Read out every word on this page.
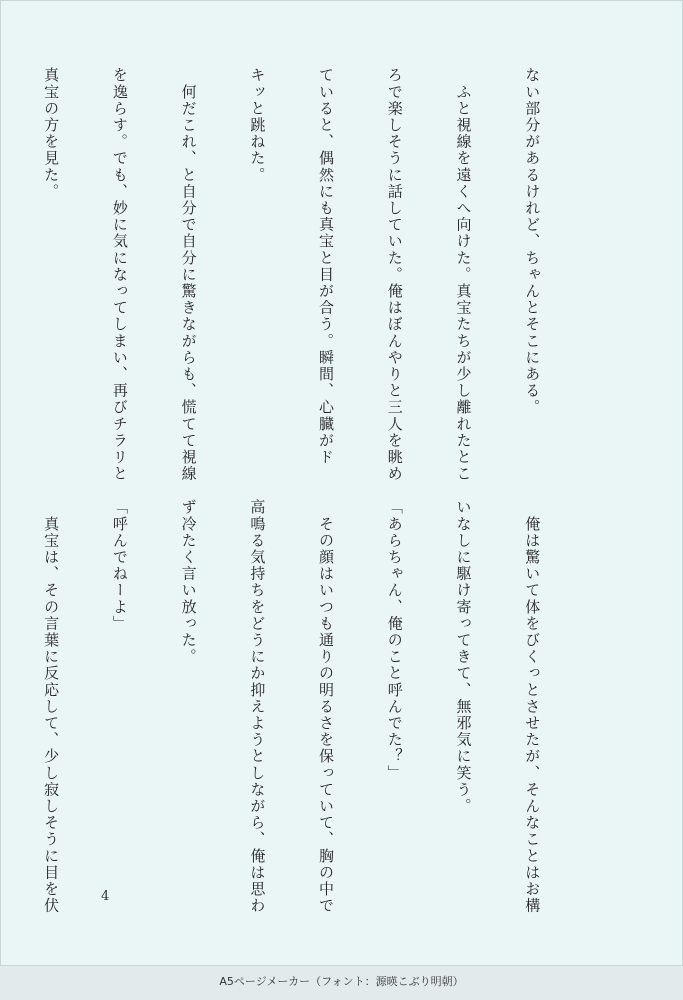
ない部分があるけれど、ちゃんとそこにある。

　ふと視線を遠くへ向けた。真宝たちが少し離れたとこ

ろで楽しそうに話していた。俺はぼんやりと三人を眺め

ていると、偶然にも真宝と目が合う。瞬間、心臓がド

キッと跳ねた。

　何だこれ、と自分で自分に驚きながらも、慌てて視線

を逸らす。でも、妙に気になってしまい、再びチラリと

真宝の方を見た。

　俺は驚いて体をびくっとさせたが、そんなことはお構

いなしに駆け寄ってきて、無邪気に笑う。

「あらちゃん、俺のこと呼んでた？」

　その顔はいつも通りの明るさを保っていて、胸の中で

高鳴る気持ちをどうにか抑えようとしながら、俺は思わ

ず冷たく言い放った。

「呼んでねーよ」

　真宝は、その言葉に反応して、少し寂しそうに目を伏

	4
A5ページメーカー（フォント：源暎こぶり明朝）
